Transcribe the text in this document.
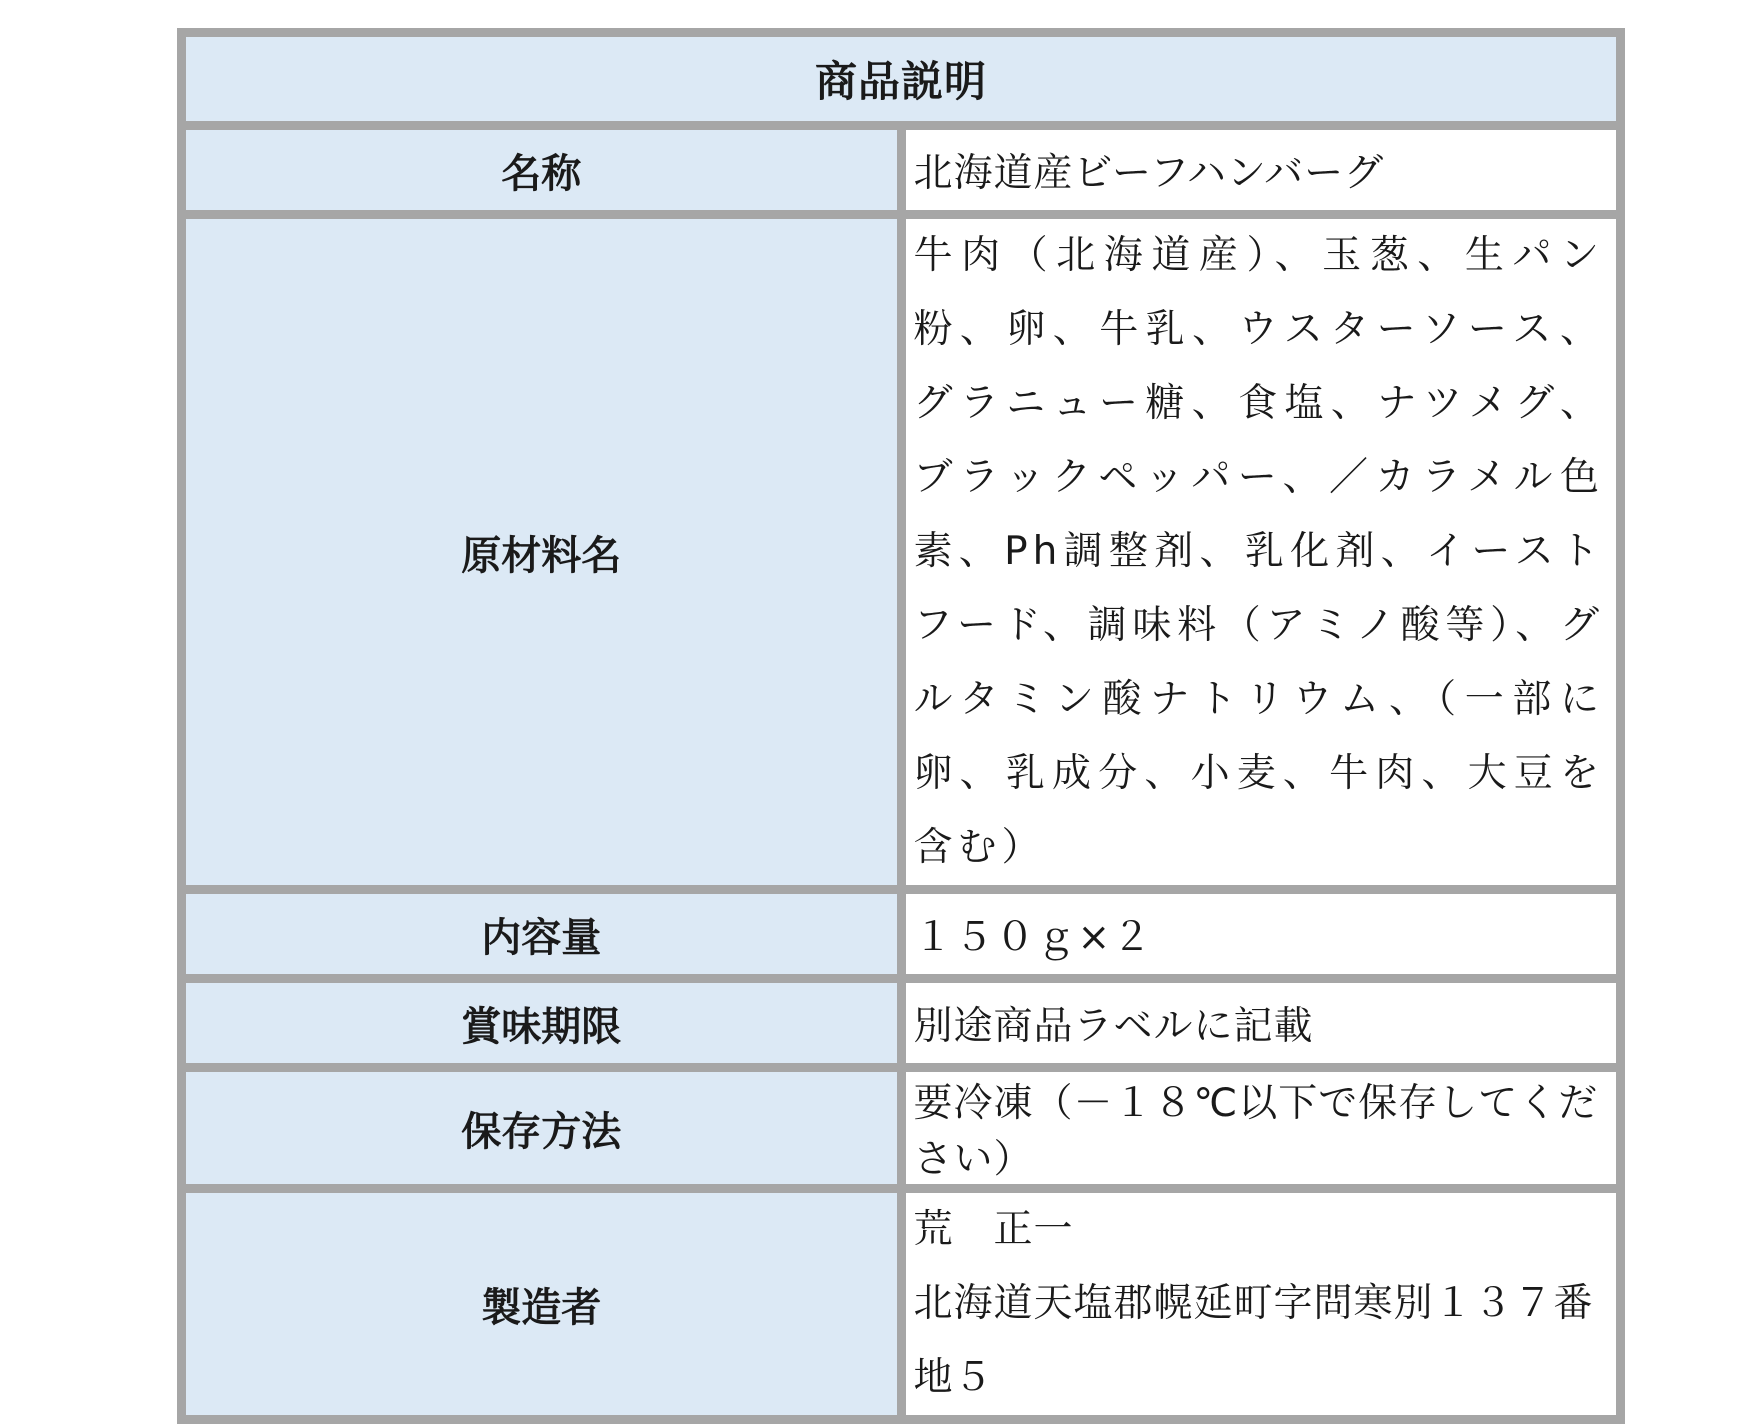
商品説明	
名称	北海道産ビーフハンバーグ
原材料名	牛肉（北海道産）、玉葱、生パン粉、卵、牛乳、ウスターソース、グラニュー糖、食塩、ナツメグ、ブラックペッパー、／カラメル色素、Ph調整剤、乳化剤、イーストフード、調味料（アミノ酸等）、グルタミン酸ナトリウム、（一部に卵、乳成分、小麦、牛肉、大豆を含む）

内容量	１５０ｇ×２
賞味期限	別途商品ラベルに記載
保存方法	要冷凍（－１８℃以下で保存してください）
製造者	荒　正一
北海道天塩郡幌延町字問寒別１３７番地５
